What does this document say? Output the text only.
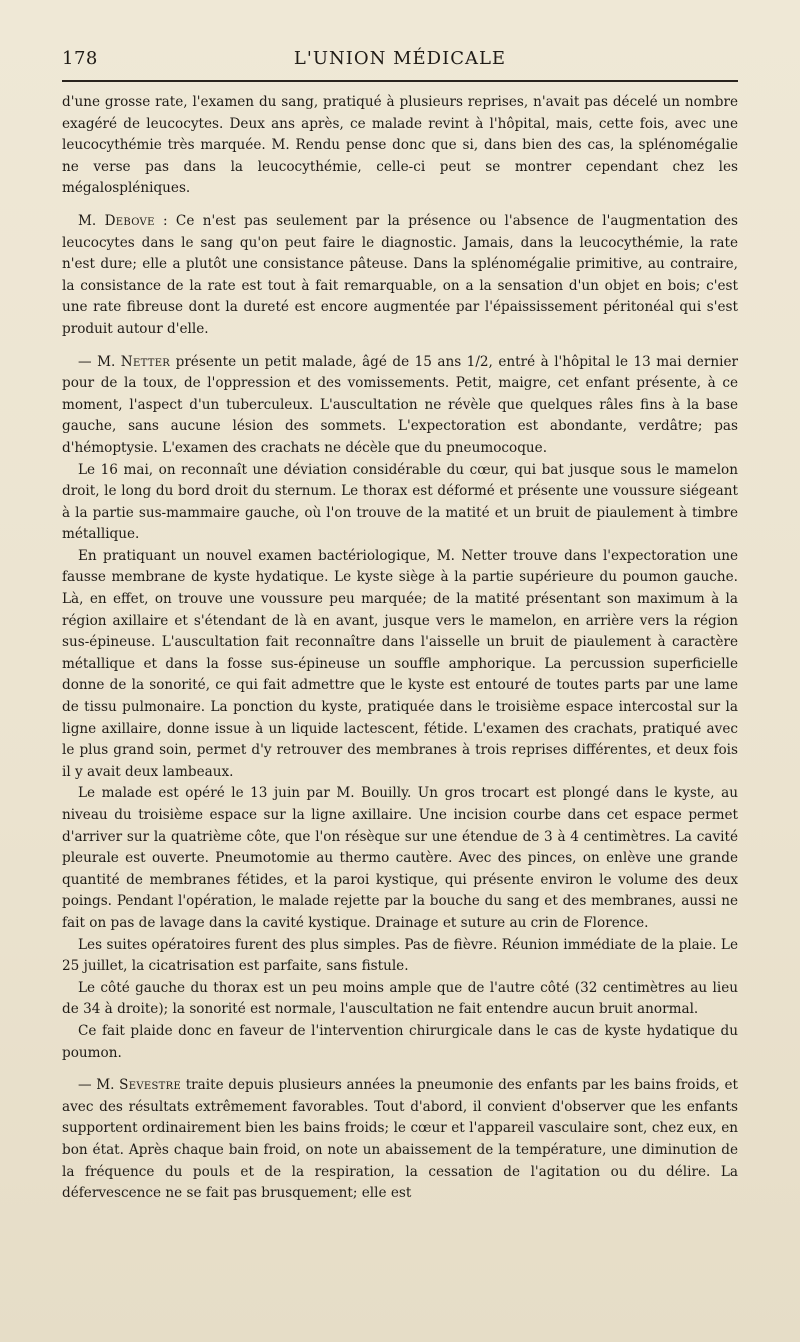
178	L'UNION MÉDICALE

d'une grosse rate, l'examen du sang, pratiqué à plusieurs reprises, n'avait pas décelé un nombre exagéré de leucocytes. Deux ans après, ce malade revint à l'hôpital, mais, cette fois, avec une leucocythémie très marquée. M. Rendu pense donc que si, dans bien des cas, la splénomégalie ne verse pas dans la leucocythémie, celle-ci peut se montrer cependant chez les mégalospléniques.

M. Debove : Ce n'est pas seulement par la présence ou l'absence de l'augmentation des leucocytes dans le sang qu'on peut faire le diagnostic. Jamais, dans la leucocythémie, la rate n'est dure; elle a plutôt une consistance pâteuse. Dans la splénomégalie primitive, au contraire, la consistance de la rate est tout à fait remarquable, on a la sensation d'un objet en bois; c'est une rate fibreuse dont la dureté est encore augmentée par l'épaississement péritonéal qui s'est produit autour d'elle.

— M. Netter présente un petit malade, âgé de 15 ans 1/2, entré à l'hôpital le 13 mai dernier pour de la toux, de l'oppression et des vomissements. Petit, maigre, cet enfant présente, à ce moment, l'aspect d'un tuberculeux. L'auscultation ne révèle que quelques râles fins à la base gauche, sans aucune lésion des sommets. L'expectoration est abondante, verdâtre; pas d'hémoptysie. L'examen des crachats ne décèle que du pneumocoque.

Le 16 mai, on reconnaît une déviation considérable du cœur, qui bat jusque sous le mamelon droit, le long du bord droit du sternum. Le thorax est déformé et présente une voussure siégeant à la partie sus-mammaire gauche, où l'on trouve de la matité et un bruit de piaulement à timbre métallique.

En pratiquant un nouvel examen bactériologique, M. Netter trouve dans l'expectoration une fausse membrane de kyste hydatique. Le kyste siège à la partie supérieure du poumon gauche. Là, en effet, on trouve une voussure peu marquée; de la matité présentant son maximum à la région axillaire et s'étendant de là en avant, jusque vers le mamelon, en arrière vers la région sus-épineuse. L'auscultation fait reconnaître dans l'aisselle un bruit de piaulement à caractère métallique et dans la fosse sus-épineuse un souffle amphorique. La percussion superficielle donne de la sonorité, ce qui fait admettre que le kyste est entouré de toutes parts par une lame de tissu pulmonaire. La ponction du kyste, pratiquée dans le troisième espace intercostal sur la ligne axillaire, donne issue à un liquide lactescent, fétide. L'examen des crachats, pratiqué avec le plus grand soin, permet d'y retrouver des membranes à trois reprises différentes, et deux fois il y avait deux lambeaux.

Le malade est opéré le 13 juin par M. Bouilly. Un gros trocart est plongé dans le kyste, au niveau du troisième espace sur la ligne axillaire. Une incision courbe dans cet espace permet d'arriver sur la quatrième côte, que l'on résèque sur une étendue de 3 à 4 centimètres. La cavité pleurale est ouverte. Pneumotomie au thermo cautère. Avec des pinces, on enlève une grande quantité de membranes fétides, et la paroi kystique, qui présente environ le volume des deux poings. Pendant l'opération, le malade rejette par la bouche du sang et des membranes, aussi ne fait on pas de lavage dans la cavité kystique. Drainage et suture au crin de Florence.

Les suites opératoires furent des plus simples. Pas de fièvre. Réunion immédiate de la plaie. Le 25 juillet, la cicatrisation est parfaite, sans fistule.

Le côté gauche du thorax est un peu moins ample que de l'autre côté (32 centimètres au lieu de 34 à droite); la sonorité est normale, l'auscultation ne fait entendre aucun bruit anormal.

Ce fait plaide donc en faveur de l'intervention chirurgicale dans le cas de kyste hydatique du poumon.

— M. Sevestre traite depuis plusieurs années la pneumonie des enfants par les bains froids, et avec des résultats extrêmement favorables. Tout d'abord, il convient d'observer que les enfants supportent ordinairement bien les bains froids; le cœur et l'appareil vasculaire sont, chez eux, en bon état. Après chaque bain froid, on note un abaissement de la température, une diminution de la fréquence du pouls et de la respiration, la cessation de l'agitation ou du délire. La défervescence ne se fait pas brusquement; elle est
